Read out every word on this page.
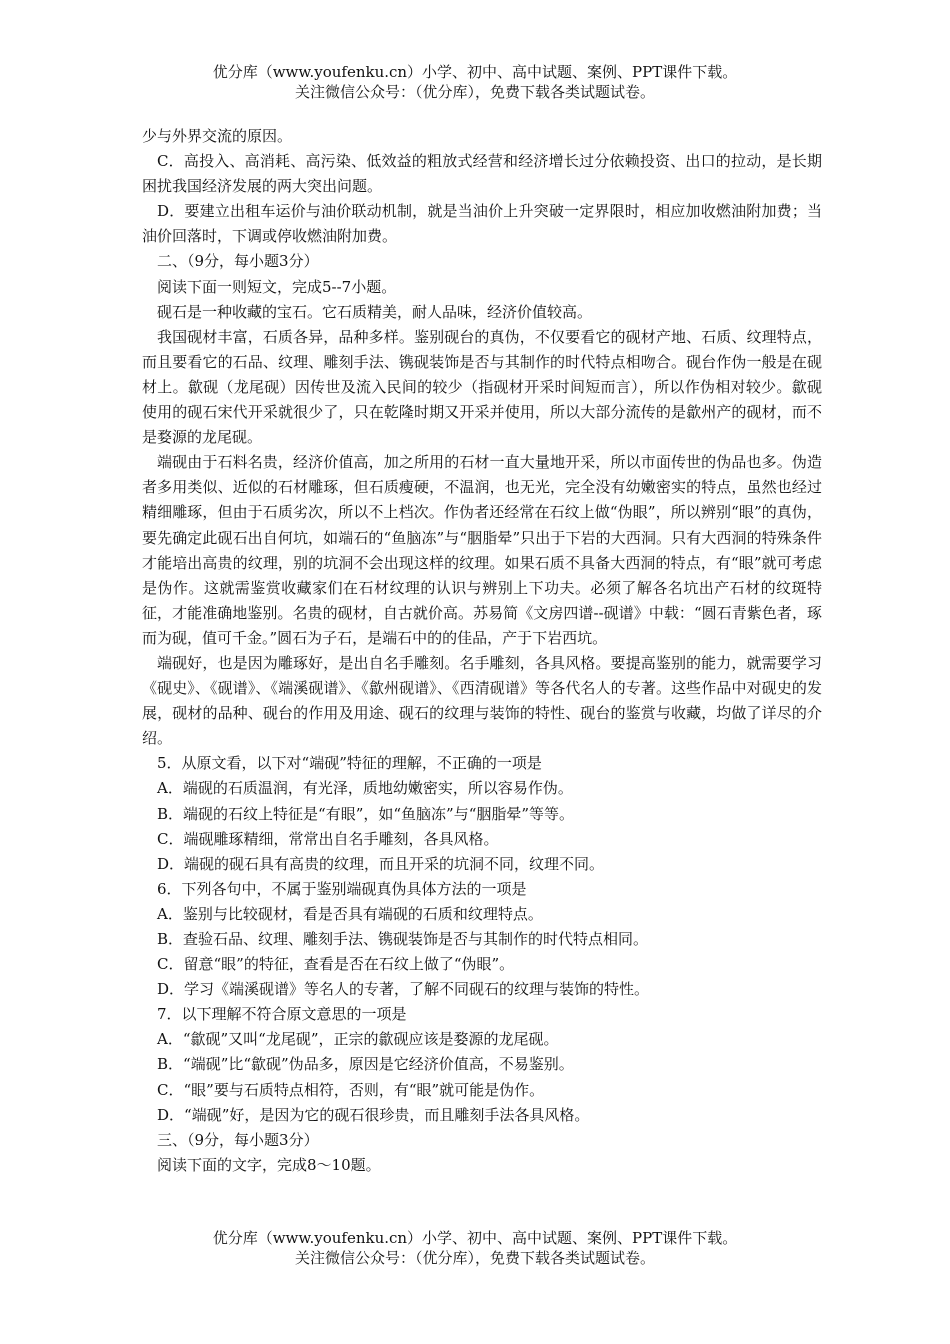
优分库（www.youfenku.cn）小学、初中、高中试题、案例、PPT课件下载。
关注微信公众号：（优分库），免费下载各类试题试卷。

少与外界交流的原因。

C．高投入、高消耗、高污染、低效益的粗放式经营和经济增长过分依赖投资、出口的拉动，是长期困扰我国经济发展的两大突出问题。

D．要建立出租车运价与油价联动机制，就是当油价上升突破一定界限时，相应加收燃油附加费；当油价回落时，下调或停收燃油附加费。

二、（9分，每小题3分）

阅读下面一则短文，完成5--7小题。

砚石是一种收藏的宝石。它石质精美，耐人品味，经济价值较高。

我国砚材丰富，石质各异，品种多样。鉴别砚台的真伪，不仅要看它的砚材产地、石质、纹理特点，而且要看它的石品、纹理、雕刻手法、镌砚装饰是否与其制作的时代特点相吻合。砚台作伪一般是在砚材上。歙砚（龙尾砚）因传世及流入民间的较少（指砚材开采时间短而言），所以作伪相对较少。歙砚使用的砚石宋代开采就很少了，只在乾隆时期又开采并使用，所以大部分流传的是歙州产的砚材，而不是婺源的龙尾砚。

端砚由于石料名贵，经济价值高，加之所用的石材一直大量地开采，所以市面传世的伪品也多。伪造者多用类似、近似的石材雕琢，但石质瘦硬，不温润，也无光，完全没有幼嫩密实的特点，虽然也经过精细雕琢，但由于石质劣次，所以不上档次。作伪者还经常在石纹上做“伪眼”，所以辨别“眼”的真伪，要先确定此砚石出自何坑，如端石的“鱼脑冻”与“胭脂晕”只出于下岩的大西洞。只有大西洞的特殊条件才能培出高贵的纹理，别的坑洞不会出现这样的纹理。如果石质不具备大西洞的特点，有“眼”就可考虑是伪作。这就需鉴赏收藏家们在石材纹理的认识与辨别上下功夫。必须了解各名坑出产石材的纹斑特征，才能准确地鉴别。名贵的砚材，自古就价高。苏易简《文房四谱--砚谱》中载：“圆石青紫色者，琢而为砚，值可千金。”圆石为子石，是端石中的的佳品，产于下岩西坑。

端砚好，也是因为雕琢好，是出自名手雕刻。名手雕刻，各具风格。要提高鉴别的能力，就需要学习《砚史》、《砚谱》、《端溪砚谱》、《歙州砚谱》、《西清砚谱》等各代名人的专著。这些作品中对砚史的发展，砚材的品种、砚台的作用及用途、砚石的纹理与装饰的特性、砚台的鉴赏与收藏，均做了详尽的介绍。

5．从原文看，以下对“端砚”特征的理解，不正确的一项是

A．端砚的石质温润，有光泽，质地幼嫩密实，所以容易作伪。

B．端砚的石纹上特征是“有眼”，如“鱼脑冻”与“胭脂晕”等等。

C．端砚雕琢精细，常常出自名手雕刻，各具风格。

D．端砚的砚石具有高贵的纹理，而且开采的坑洞不同，纹理不同。

6．下列各句中，不属于鉴别端砚真伪具体方法的一项是

A．鉴别与比较砚材，看是否具有端砚的石质和纹理特点。

B．查验石品、纹理、雕刻手法、镌砚装饰是否与其制作的时代特点相同。

C．留意“眼”的特征，查看是否在石纹上做了“伪眼”。

D．学习《端溪砚谱》等名人的专著，了解不同砚石的纹理与装饰的特性。

7．以下理解不符合原文意思的一项是

A．“歙砚”又叫“龙尾砚”，正宗的歙砚应该是婺源的龙尾砚。

B．“端砚”比“歙砚”伪品多，原因是它经济价值高，不易鉴别。

C．“眼”要与石质特点相符，否则，有“眼”就可能是伪作。

D．“端砚”好，是因为它的砚石很珍贵，而且雕刻手法各具风格。

三、（9分，每小题3分）

阅读下面的文字，完成8～10题。

优分库（www.youfenku.cn）小学、初中、高中试题、案例、PPT课件下载。
关注微信公众号：（优分库），免费下载各类试题试卷。
